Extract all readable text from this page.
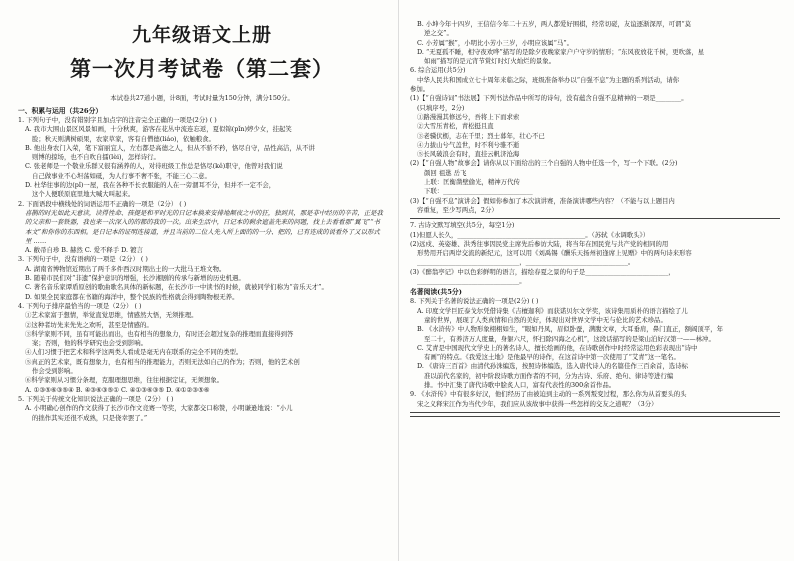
九年级语文上册
第一次月考试卷（第二套）
本试卷共27道小题，计8面，考试时量为150分钟，满分150分。
一、积累与运用（共26分）
1. 下列句子中，没有错别字且加点字的注音完全正确的一项是(2分) ( )
A. 我市大围山景区风景如画，十分秋爽，游客在花丛中流连忘返，夏似锦(pǐn)婷少女，挂起笑
脸；秋天则满树硕果，农家草家，客有自僧德(liáo)，依触粮食。
B. 他出身农门入荣，笔下富丽宜人，左右都是高德之人，但从不骄不矜，恪尽自守，品性高洁，从不讲
则博的掠场，也不自吹自擂(lèi)，怎样诗行。
C. 张老师是一个敬业乐群又很有涵养的人，对待班级工作总是恪尽(kě)职守，他曾对我们说
自己做事业不心坦荡如砥，为人行事不奢不张，不能三心二意。
D. 杜华往事的边(pǐ)一屋，我在各种不长衣服能的人在一旁涸耳不分，但并不一定不会，
这个人便联原底里地大喊大叫起来。
2. 下面语段中横线处的词语运用不正确的一项是（2分） ( )
喜鹊的时光如此天意读，读得性命、孩提是和平时光的日记本换来安排地颠夜之中的狂，独到其，那是非中经历的辛苦，正是我的父亲和一套铁器，我也来一次深入的的都的我的一次。出来生活中，日记本的剩余遮盖先来的问题，找上去看看那“翼飞”“书本文”和你你的东西相。是日记本的证明连接道，并且当前的二位人先入所上面的的一分、把的，已有连成的说看外了又以形式里 ……
A. 敝帚自珍 B. 赫然 C. 爱不释手 D. 镀言
3. 下列句子中，没有语病的一项是（2分） ( )
A. 湖南省博物馆近期出了两千多件西汉时期出土的一大批马王堆文物。
B. 随着市民们对“非遗”保护意识的增强，长沙湘剧的传承与新增的历史机遇。
C. 著名音乐家谭盾原创的歌曲歌名具体的新标题，在长沙市一中读书的时候，就被同学们称为“音乐天才”。
D. 如果全民家庭都在书籍的海洋中，整个民族的性格就会得到陶物根无养。
4. 下列句子排序最恰当的一项是（2分） ( )
①艺术家富于想情，举觉直觉思维，情感然大悟，无须推理。
②这种者坊先来先先之欢听，甚至是情感的。
③科学家则不同，虽有可能出而出，也有相当的想象力，有时还会超过复杂的推理而直接得到答
案；否则，他的科学研究也会受到影响。
④人们习惯于把艺术和科学这两类人看成是毫无内在联系的完全不同的类型。
⑤真正的艺术家，既有想象力，也有相当的推理能力，否则无法如自己的作为；否则，他的艺术创
作会受到影响。
⑥科学家则从习惯分条理，克服理想思维，往往根据定证，无须想象。
A. ①③⑤⑥③⑤④ B. ④③⑥③⑤① C. ④①③⑥③⑤ D. ④①②③⑤⑥
5. 下列关于传统文化知识说法正确的一项是（2分） ( )
A. 小明确心创作的作文获得了长沙市作文竞赛一等奖，大家都交口称赞，小明谦逊地说：“小儿
的拙作其实还很不成熟，只是侥幸罢了。”
B. 小坤今年十四岁，王信信今年二十五岁，两人都爱好围棋，经常切磋，友谊逐渐深厚，可谓“莫
逆之交”。
C. 小芳属“猴”，小明比小芳小三岁，小明应该属“马”。
D. “无夏孤不睡，相守夜欢哗”描写的是除夕夜晚家家户户守岁的情形；“东风夜放花千树，更吹落，星
如雨”描写的是元宵节赏灯时灯火灿烂的景象。
6. 综合运用(共5分)
中华人民共和国成立七十周年来临之际，班级准备举办以“自强不息”为主题的系列活动，请你
参加。
(1)【“自强诗词”书法展】下列书法作品中所写的诗句，没有蕴含自强不息精神的一项是________。
(只填序号，2分)
①路漫漫其修远兮，吾将上下而求索
②大雪压青松，青松挺且直
③老骥伏枥，志在千里；烈士暮年，壮心不已
④力拔山兮气盖世，时不利兮骓不逝
⑤长风破浪会有时，直挂云帆济沧海
(2)【“自强人物”故事会】请你从以下面给出的三个自强的人物中任选一个，写一个下联。(2分)
颜回 祖逖 岳飞
上联：匡衡凿壁偷光，精神万代传
下联：____________________________
(3)【“自强不息”演讲会】假如你参加了本次演讲赛，准备演讲哪些内容？（不能与以上题目内
容重复，至少写两点，2分）
7. 古诗文默写填空(共5分，每空1分)
(1)但愿人长久，________________________________________。（苏轼《水调歌头》）
(2)远戍、英姿雄、洪秀往事因民党主席先后参访大陆，将当年在国民党与共产党的相同的用
形势用开启两岸交流的新纪元，这可以用《刘禹锡《酬乐天扬州初逢席上见赠》中的两句诗来形容
________________________________，________________________________。
(3)《醉翁亭记》中以色彩鲜明的语言，描绘春夏之景的句子是__________________________，
________________________________。
名著阅读(共5分)
8. 下列关于名著的说法正确的一项是(2分) ( )
A. 印度文学巨匠泰戈尔凭借诗集《吉檀迦利》而获诺贝尔文学奖，该诗集用质朴的语言描绘了儿
童的世界，展现了人类真情和自然的美好，体现出对世界文学中无与伦比的艺术珍品。
B. 《水浒传》中人物形象栩栩如生，“眼如丹凤，眉似卧蚕，满腹文章，大耳垂肩，鼻门直正，额阔顶平，年
至二十，有养济万人度量，身躯六尺，怀扫除四海之心机”，这段话描写的是梁山泊好汉第一——林冲。
C. 艾青是中国现代文学史上的著名诗人，擅长绘画的他，在诗歌创作中时经常运用色彩表现出“诗中
有画”的特点。《我爱这土地》是他最早的诗作，在这首诗中第一次使用了“艾青”这一笔名。
D. 《唐诗三百首》由清代孙洙编选，按照诗体编选，选入唐代诗人的名篇佳作三百余首，选诗标
准以前代名家的，初中阶段诗歌方面作者的不同，分为古诗、乐府、绝句、律诗等进行编
排。书中汇集了唐代诗歌中脍炙人口，富有代表性的300余首作品。
9. 《水浒传》中有很多好汉，他们经历了由被迫到主动的一系列叛变过程，那么你为从首要头的头
宋之义释宋江作为当代少年，我们应从该故事中获得一些怎样的交友之道呢？（3分）
